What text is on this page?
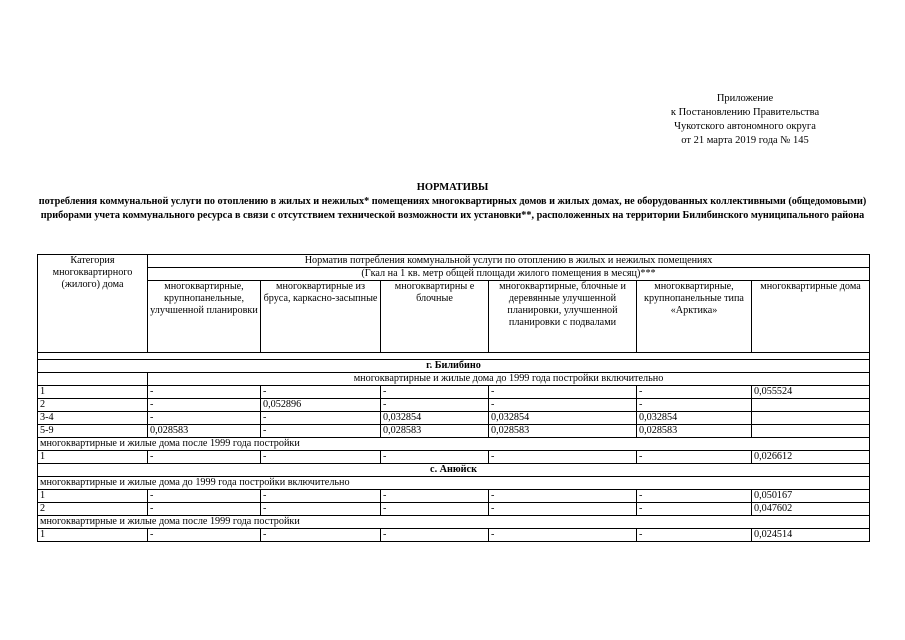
Приложение
к Постановлению Правительства
Чукотского автономного округа
от 21 марта 2019 года № 145
НОРМАТИВЫ
потребления коммунальной услуги по отоплению в жилых и нежилых* помещениях многоквартирных домов и жилых домах, не оборудованных коллективными (общедомовыми) приборами учета коммунального ресурса в связи с отсутствием технической возможности их установки**, расположенных на территории Билибинского муниципального района
Категория многоквартирного (жилого) дома	Норматив потребления коммунальной услуги по отоплению в жилых и нежилых помещениях					
	(Гкал на 1 кв. метр общей площади жилого помещения в месяц)***					
	многоквартирные, крупнопанельные, улучшенной планировки	многоквартирные из бруса, каркасно-засыпные	многоквартирны е блочные	многоквартирные, блочные и деревянные улучшенной планировки, улучшенной планировки с подвалами	многоквартирные, крупнопанельные типа «Арктика»	многоквартирные дома

г. Билибино						
	многоквартирные и жилые дома до 1999 года постройки включительно					
1	-	-	-	-	-	0,055524
2	-	0,052896	-	-	-	
3-4	-	-	0,032854	0,032854	0,032854	
5-9	0,028583	-	0,028583	0,028583	0,028583	
многоквартирные и жилые дома после 1999 года постройки						
1	-	-	-	-	-	0,026612
с. Анюйск						
многоквартирные и жилые дома до 1999 года постройки включительно						
1	-	-	-	-	-	0,050167
2	-	-	-	-	-	0,047602
многоквартирные и жилые дома после 1999 года постройки						
1	-	-	-	-	-	0,024514
